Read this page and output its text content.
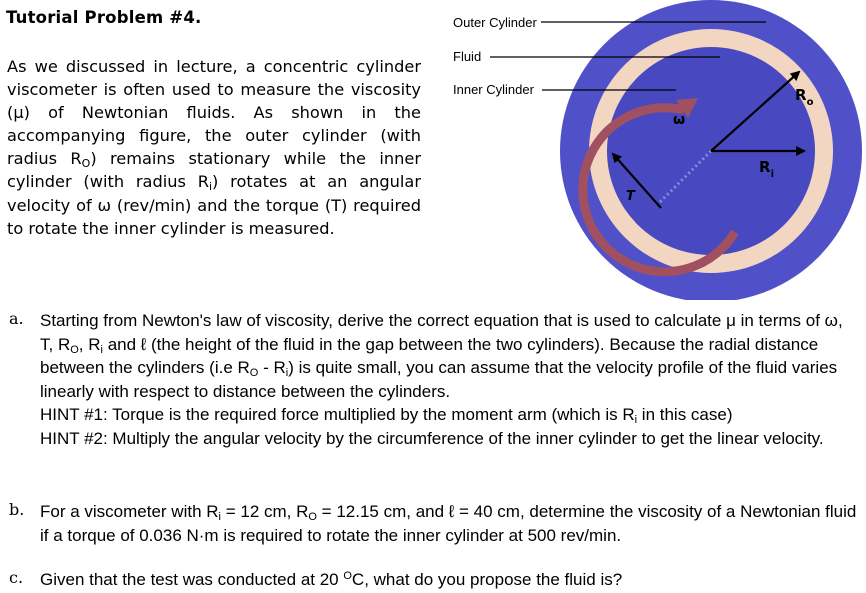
Tutorial Problem #4.

As we discussed in lecture, a concentric cylinder viscometer is often used to measure the viscosity (μ) of Newtonian fluids. As shown in the accompanying figure, the outer cylinder (with radius $R_O$) remains stationary while the inner cylinder (with radius $R_i$) rotates at an angular velocity of ω (rev/min) and the torque (T) required to rotate the inner cylinder is measured.

Outer Cylinder
Fluid
Inner Cylinder
ω
T
$R_o$
$R_i$
a. Starting from Newton's law of viscosity, derive the correct equation that is used to calculate μ in terms of ω, T, $R_O$, $R_i$ and ℓ (the height of the fluid in the gap between the two cylinders). Because the radial distance between the cylinders (i.e $R_O - R_i$) is quite small, you can assume that the velocity profile of the fluid varies linearly with respect to distance between the cylinders.

HINT #1: Torque is the required force multiplied by the moment arm (which is $R_i$ in this case)

HINT #2: Multiply the angular velocity by the circumference of the inner cylinder to get the linear velocity.

b. For a viscometer with $R_i = 12$ cm, $R_O = 12.15$ cm, and ℓ = 40 cm, determine the viscosity of a Newtonian fluid if a torque of 0.036 N·m is required to rotate the inner cylinder at 500 rev/min.

c. Given that the test was conducted at 20 $^O$C, what do you propose the fluid is?
